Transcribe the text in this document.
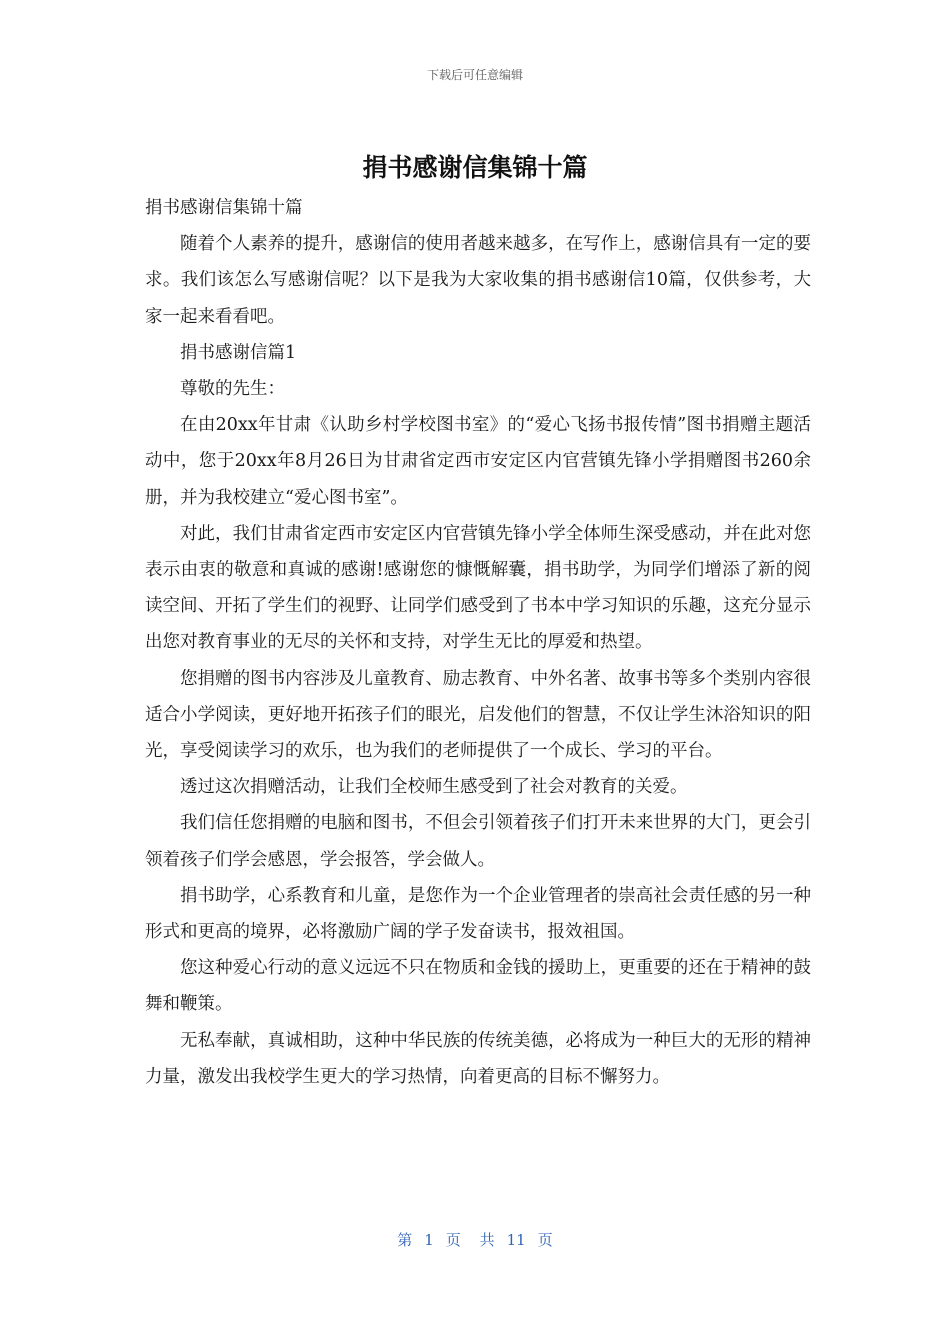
下载后可任意编辑
捐书感谢信集锦十篇

捐书感谢信集锦十篇

随着个人素养的提升，感谢信的使用者越来越多，在写作上，感谢信具有一定的要求。我们该怎么写感谢信呢？以下是我为大家收集的捐书感谢信10篇，仅供参考，大家一起来看看吧。

捐书感谢信篇1

尊敬的先生：

在由20xx年甘肃《认助乡村学校图书室》的“爱心飞扬书报传情”图书捐赠主题活动中，您于20xx年8月26日为甘肃省定西市安定区内官营镇先锋小学捐赠图书260余册，并为我校建立“爱心图书室”。

对此，我们甘肃省定西市安定区内官营镇先锋小学全体师生深受感动，并在此对您表示由衷的敬意和真诚的感谢!感谢您的慷慨解囊，捐书助学，为同学们增添了新的阅读空间、开拓了学生们的视野、让同学们感受到了书本中学习知识的乐趣，这充分显示出您对教育事业的无尽的关怀和支持，对学生无比的厚爱和热望。

您捐赠的图书内容涉及儿童教育、励志教育、中外名著、故事书等多个类别内容很适合小学阅读，更好地开拓孩子们的眼光，启发他们的智慧，不仅让学生沐浴知识的阳光，享受阅读学习的欢乐，也为我们的老师提供了一个成长、学习的平台。

透过这次捐赠活动，让我们全校师生感受到了社会对教育的关爱。

我们信任您捐赠的电脑和图书，不但会引领着孩子们打开未来世界的大门，更会引领着孩子们学会感恩，学会报答，学会做人。

捐书助学，心系教育和儿童，是您作为一个企业管理者的崇高社会责任感的另一种形式和更高的境界，必将激励广阔的学子发奋读书，报效祖国。

您这种爱心行动的意义远远不只在物质和金钱的援助上，更重要的还在于精神的鼓舞和鞭策。

无私奉献，真诚相助，这种中华民族的传统美德，必将成为一种巨大的无形的精神力量，激发出我校学生更大的学习热情，向着更高的目标不懈努力。

第 1 页 共 11 页
